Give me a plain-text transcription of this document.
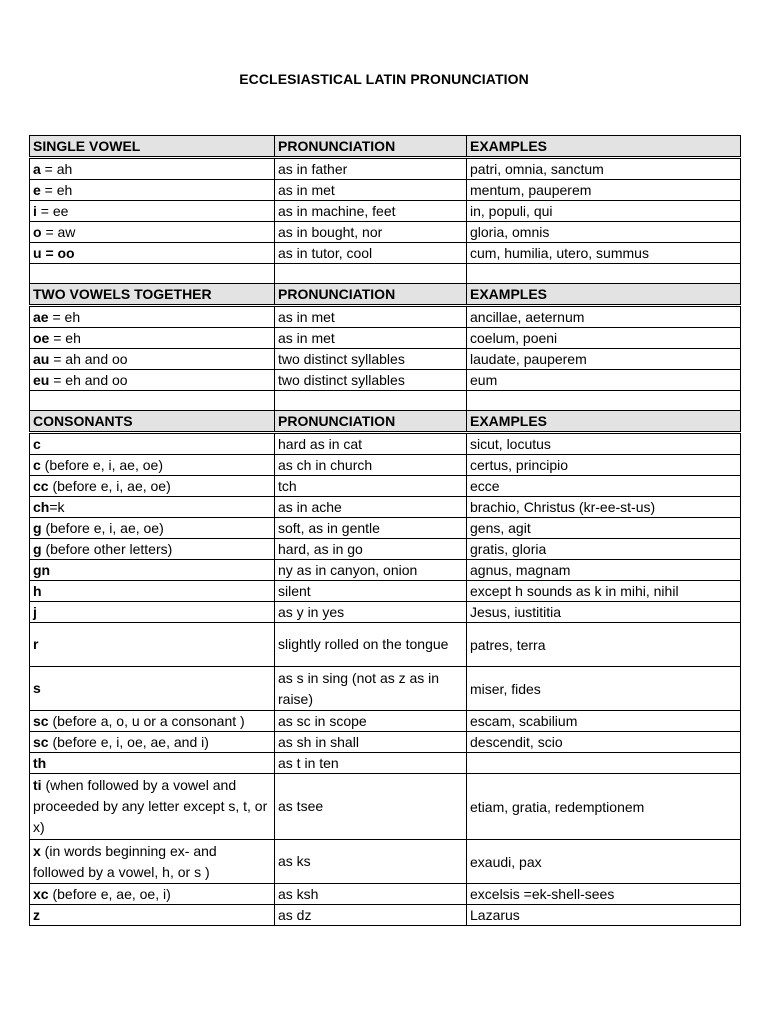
ECCLESIASTICAL LATIN PRONUNCIATION
SINGLE VOWEL	PRONUNCIATION	EXAMPLES
a = ah	as in father	patri, omnia, sanctum
e = eh	as in met	mentum, pauperem
i = ee	as in machine, feet	in, populi, qui
o = aw	as in bought, nor	gloria, omnis
u = oo	as in tutor, cool	cum, humilia, utero, summus

TWO VOWELS TOGETHER	PRONUNCIATION	EXAMPLES
ae = eh	as in met	ancillae, aeternum
oe = eh	as in met	coelum, poeni
au = ah and oo	two distinct syllables	laudate, pauperem
eu = eh and oo	two distinct syllables	eum

CONSONANTS	PRONUNCIATION	EXAMPLES
c	hard as in cat	sicut, locutus
c (before e, i, ae, oe)	as ch in church	certus, principio
cc (before e, i, ae, oe)	tch	ecce
ch=k	as in ache	brachio, Christus (kr-ee-st-us)
g (before e, i, ae, oe)	soft, as in gentle	gens, agit
g (before other letters)	hard, as in go	gratis, gloria
gn	ny as in canyon, onion	agnus, magnam
h	silent	except h sounds as k in mihi, nihil
j	as y in yes	Jesus, iustititia
r	slightly rolled on the tongue	patres, terra
s	as s in sing (not as z as in raise)	miser, fides
sc (before a, o, u or a consonant )	as sc in scope	escam, scabilium
sc (before e, i, oe, ae, and i)	as sh in shall	descendit, scio
th	as t in ten	
ti (when followed by a vowel and proceeded by any letter except s, t, or x)	as tsee	etiam, gratia, redemptionem
x (in words beginning ex- and followed by a vowel, h, or s )	as ks	exaudi, pax
xc (before e, ae, oe, i)	as ksh	excelsis =ek-shell-sees
z	as dz	Lazarus
